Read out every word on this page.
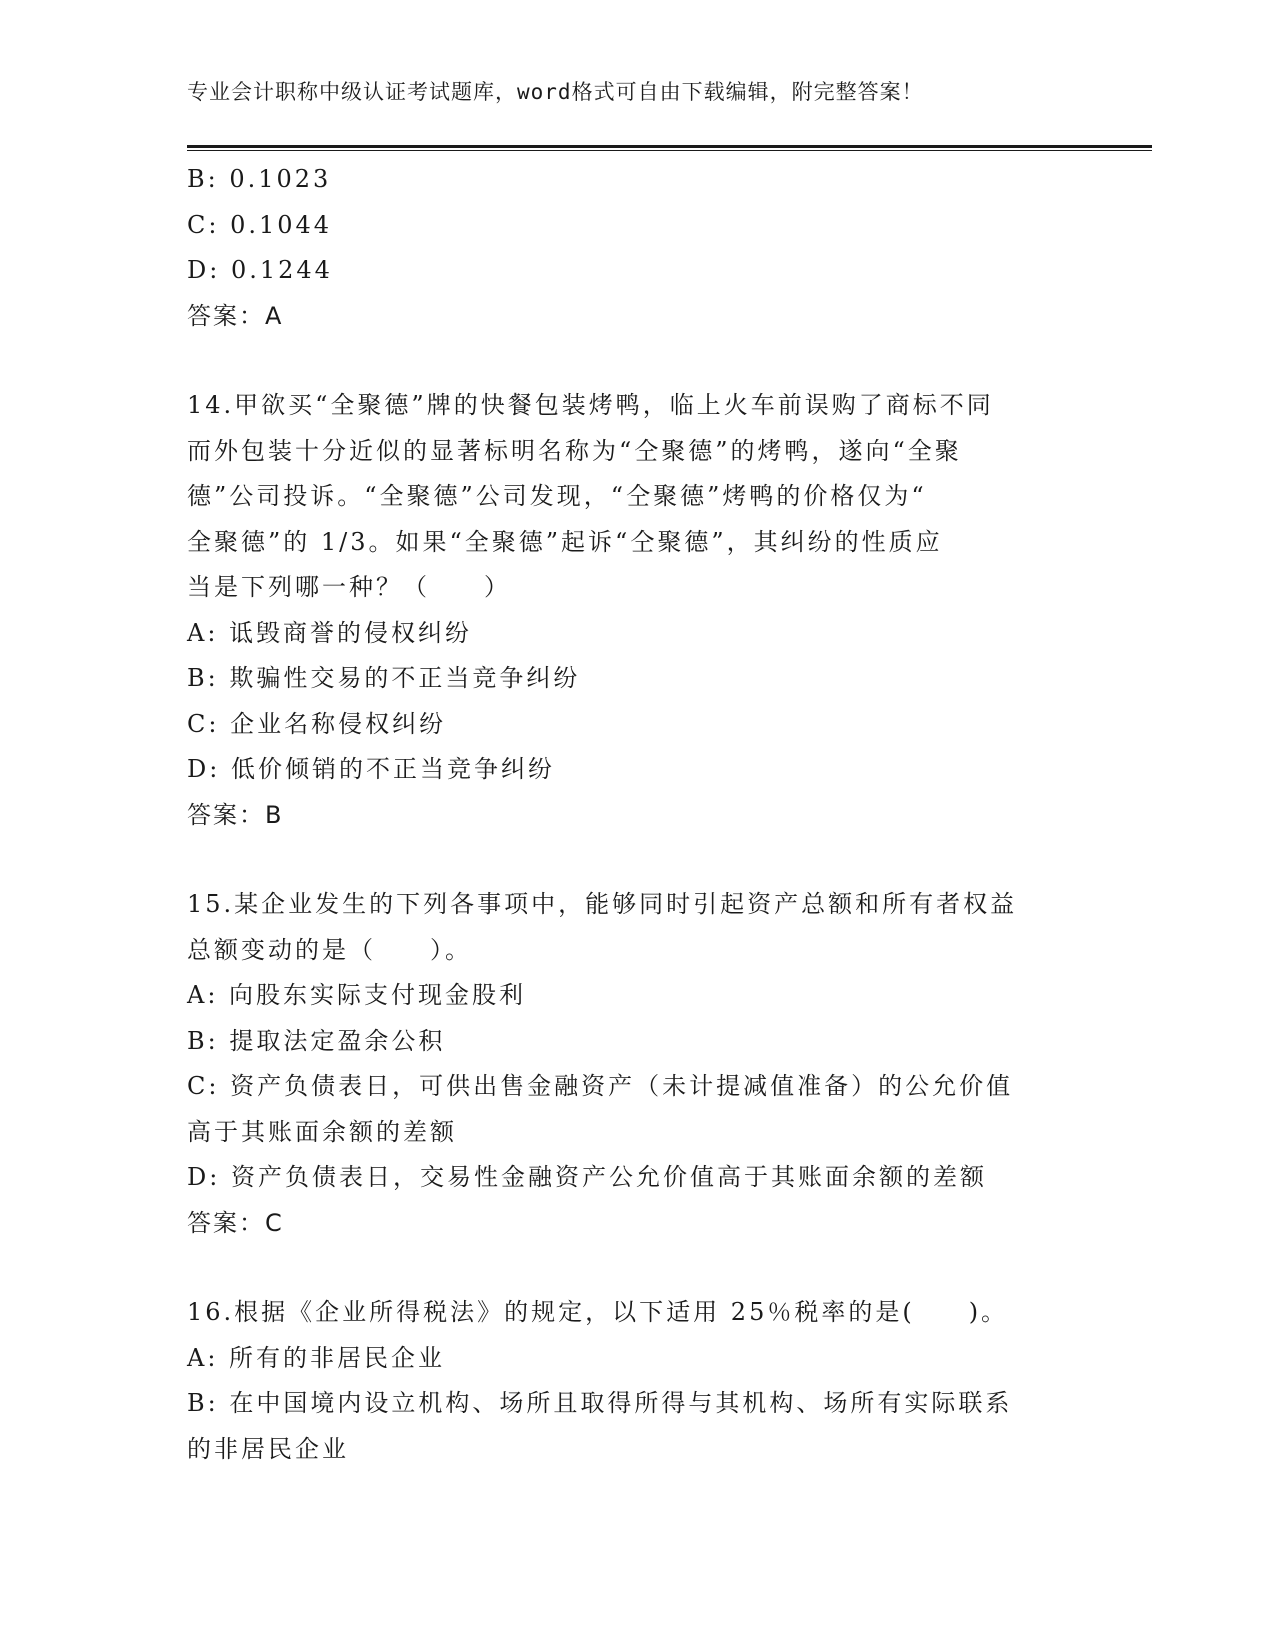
专业会计职称中级认证考试题库，word格式可自由下载编辑，附完整答案！
B: 0.1023
C: 0.1044
D: 0.1244
答案：A
14.甲欲买“全聚德”牌的快餐包装烤鸭，临上火车前误购了商标不同
而外包装十分近似的显著标明名称为“仝聚德”的烤鸭，遂向“全聚
德”公司投诉。“全聚德”公司发现，“仝聚德”烤鸭的价格仅为“
全聚德”的 1/3。如果“全聚德”起诉“仝聚德”，其纠纷的性质应
当是下列哪一种？（　　）
A: 诋毁商誉的侵权纠纷
B: 欺骗性交易的不正当竞争纠纷
C: 企业名称侵权纠纷
D: 低价倾销的不正当竞争纠纷
答案：B
15.某企业发生的下列各事项中，能够同时引起资产总额和所有者权益
总额变动的是（　　）。
A: 向股东实际支付现金股利
B: 提取法定盈余公积
C: 资产负债表日，可供出售金融资产（未计提减值准备）的公允价值
高于其账面余额的差额
D: 资产负债表日，交易性金融资产公允价值高于其账面余额的差额
答案：C
16.根据《企业所得税法》的规定，以下适用 25％税率的是(　　)。
A: 所有的非居民企业
B: 在中国境内设立机构、场所且取得所得与其机构、场所有实际联系
的非居民企业
